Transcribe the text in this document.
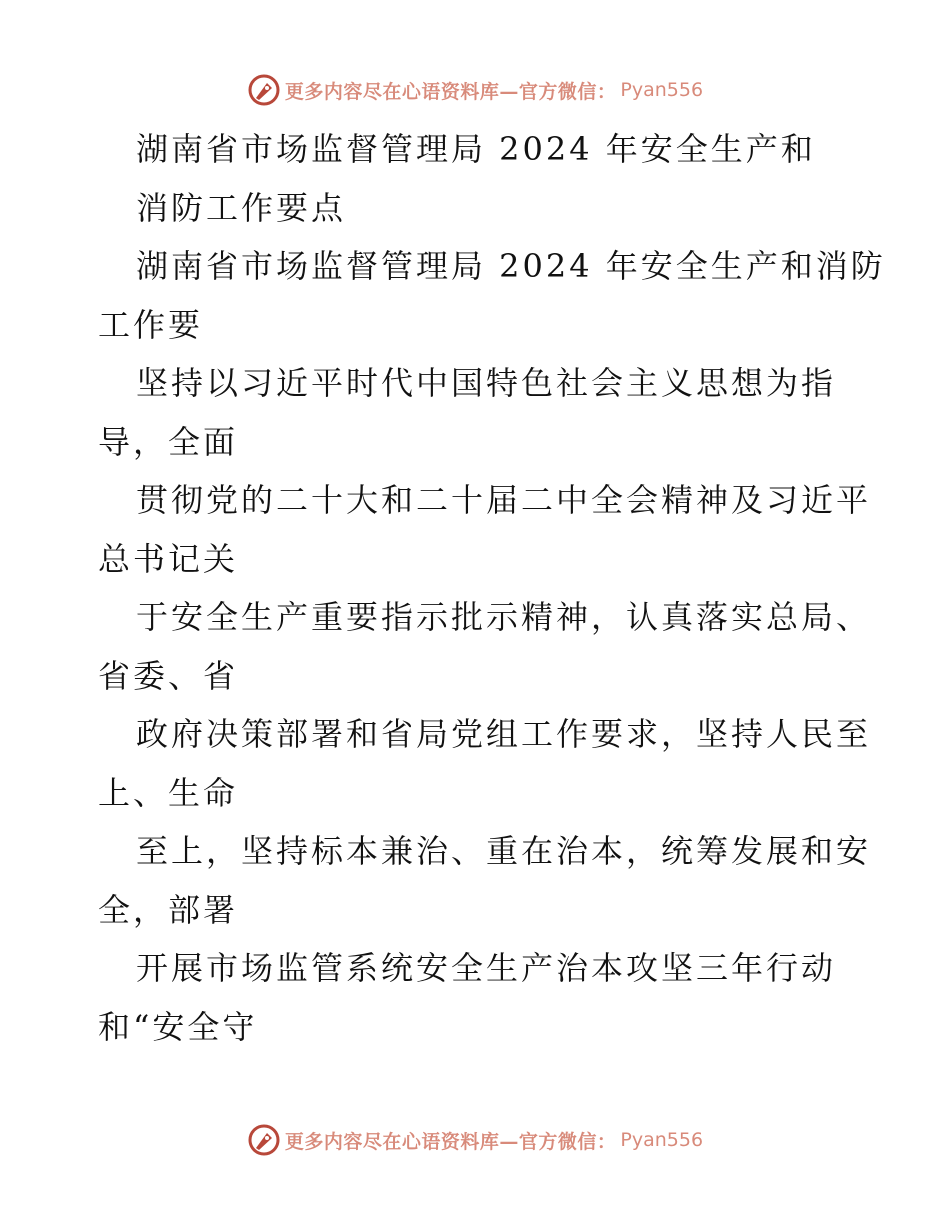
更多内容尽在心语资料库—官方微信： Pyan556
湖南省市场监督管理局 2024 年安全生产和
消防工作要点
湖南省市场监督管理局 2024 年安全生产和消防
工作要
坚持以习近平时代中国特色社会主义思想为指
导，全面
贯彻党的二十大和二十届二中全会精神及习近平
总书记关
于安全生产重要指示批示精神，认真落实总局、
省委、省
政府决策部署和省局党组工作要求，坚持人民至
上、生命
至上，坚持标本兼治、重在治本，统筹发展和安
全，部署
开展市场监管系统安全生产治本攻坚三年行动
和“安全守
更多内容尽在心语资料库—官方微信： Pyan556
